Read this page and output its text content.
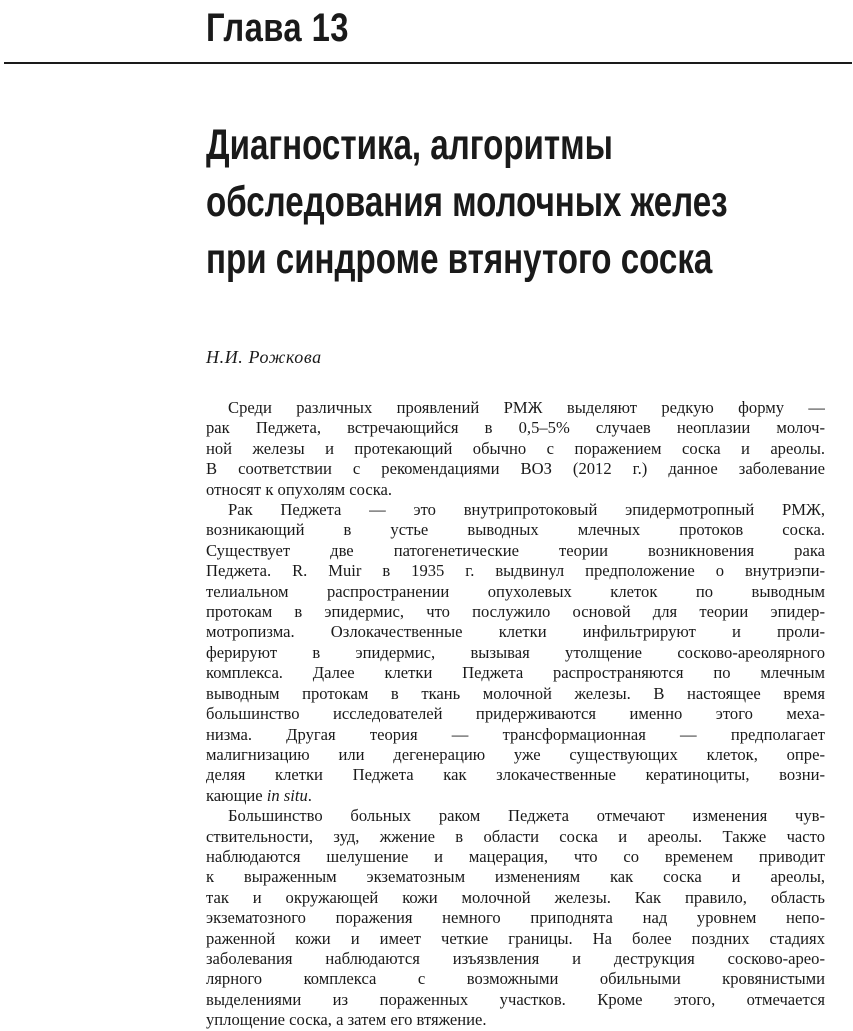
Глава 13
Диагностика, алгоритмы
обследования молочных желез
при синдроме втянутого соска
Н.И. Рожкова

Среди различных проявлений РМЖ выделяют редкую форму —
рак Педжета, встречающийся в 0,5–5% случаев неоплазии молоч-
ной железы и протекающий обычно с поражением соска и ареолы.
В соответствии с рекомендациями ВОЗ (2012 г.) данное заболевание
относят к опухолям соска.

Рак Педжета — это внутрипротоковый эпидермотропный РМЖ,
возникающий в устье выводных млечных протоков соска.
Существует две патогенетические теории возникновения рака
Педжета. R. Muir в 1935 г. выдвинул предположение о внутриэпи-
телиальном распространении опухолевых клеток по выводным
протокам в эпидермис, что послужило основой для теории эпидер-
мотропизма. Озлокачественные клетки инфильтрируют и проли-
ферируют в эпидермис, вызывая утолщение сосково-ареолярного
комплекса. Далее клетки Педжета распространяются по млечным
выводным протокам в ткань молочной железы. В настоящее время
большинство исследователей придерживаются именно этого меха-
низма. Другая теория — трансформационная — предполагает
малигнизацию или дегенерацию уже существующих клеток, опре-
деляя клетки Педжета как злокачественные кератиноциты, возни-
кающие in situ.

Большинство больных раком Педжета отмечают изменения чув-
ствительности, зуд, жжение в области соска и ареолы. Также часто
наблюдаются шелушение и мацерация, что со временем приводит
к выраженным экзематозным изменениям как соска и ареолы,
так и окружающей кожи молочной железы. Как правило, область
экзематозного поражения немного приподнята над уровнем непо-
раженной кожи и имеет четкие границы. На более поздних стадиях
заболевания наблюдаются изъязвления и деструкция сосково-арео-
лярного комплекса с возможными обильными кровянистыми
выделениями из пораженных участков. Кроме этого, отмечается
уплощение соска, а затем его втяжение.
